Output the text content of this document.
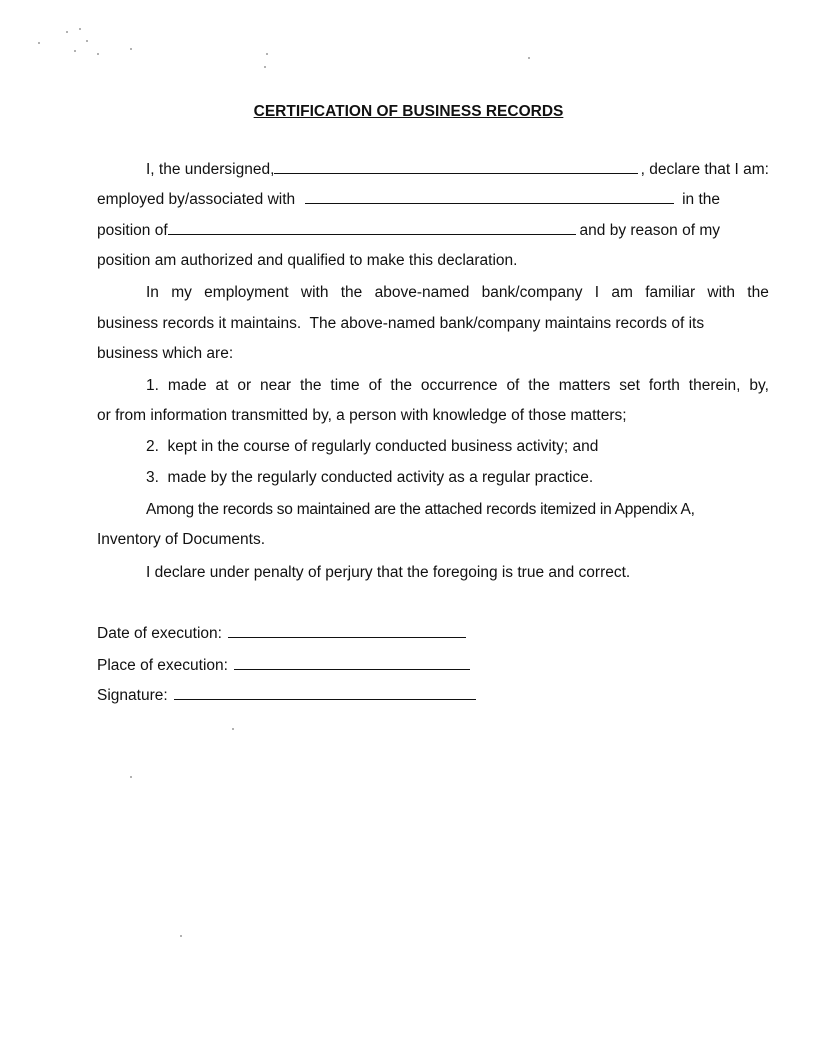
CERTIFICATION OF BUSINESS RECORDS
I, the undersigned,	, declare that I am:
employed by/associated with	in the
position of	and by reason of my
position am authorized and qualified to make this declaration.
In my employment with the above-named bank/company I am familiar with the
business records it maintains.  The above-named bank/company maintains records of its
business which are:
1. made at or near the time of the occurrence of the matters set forth therein, by,
or from information transmitted by, a person with knowledge of those matters;
2.  kept in the course of regularly conducted business activity; and
3.  made by the regularly conducted activity as a regular practice.
Among the records so maintained are the attached records itemized in Appendix A,
Inventory of Documents.
I declare under penalty of perjury that the foregoing is true and correct.
Date of execution:
Place of execution:
Signature:
